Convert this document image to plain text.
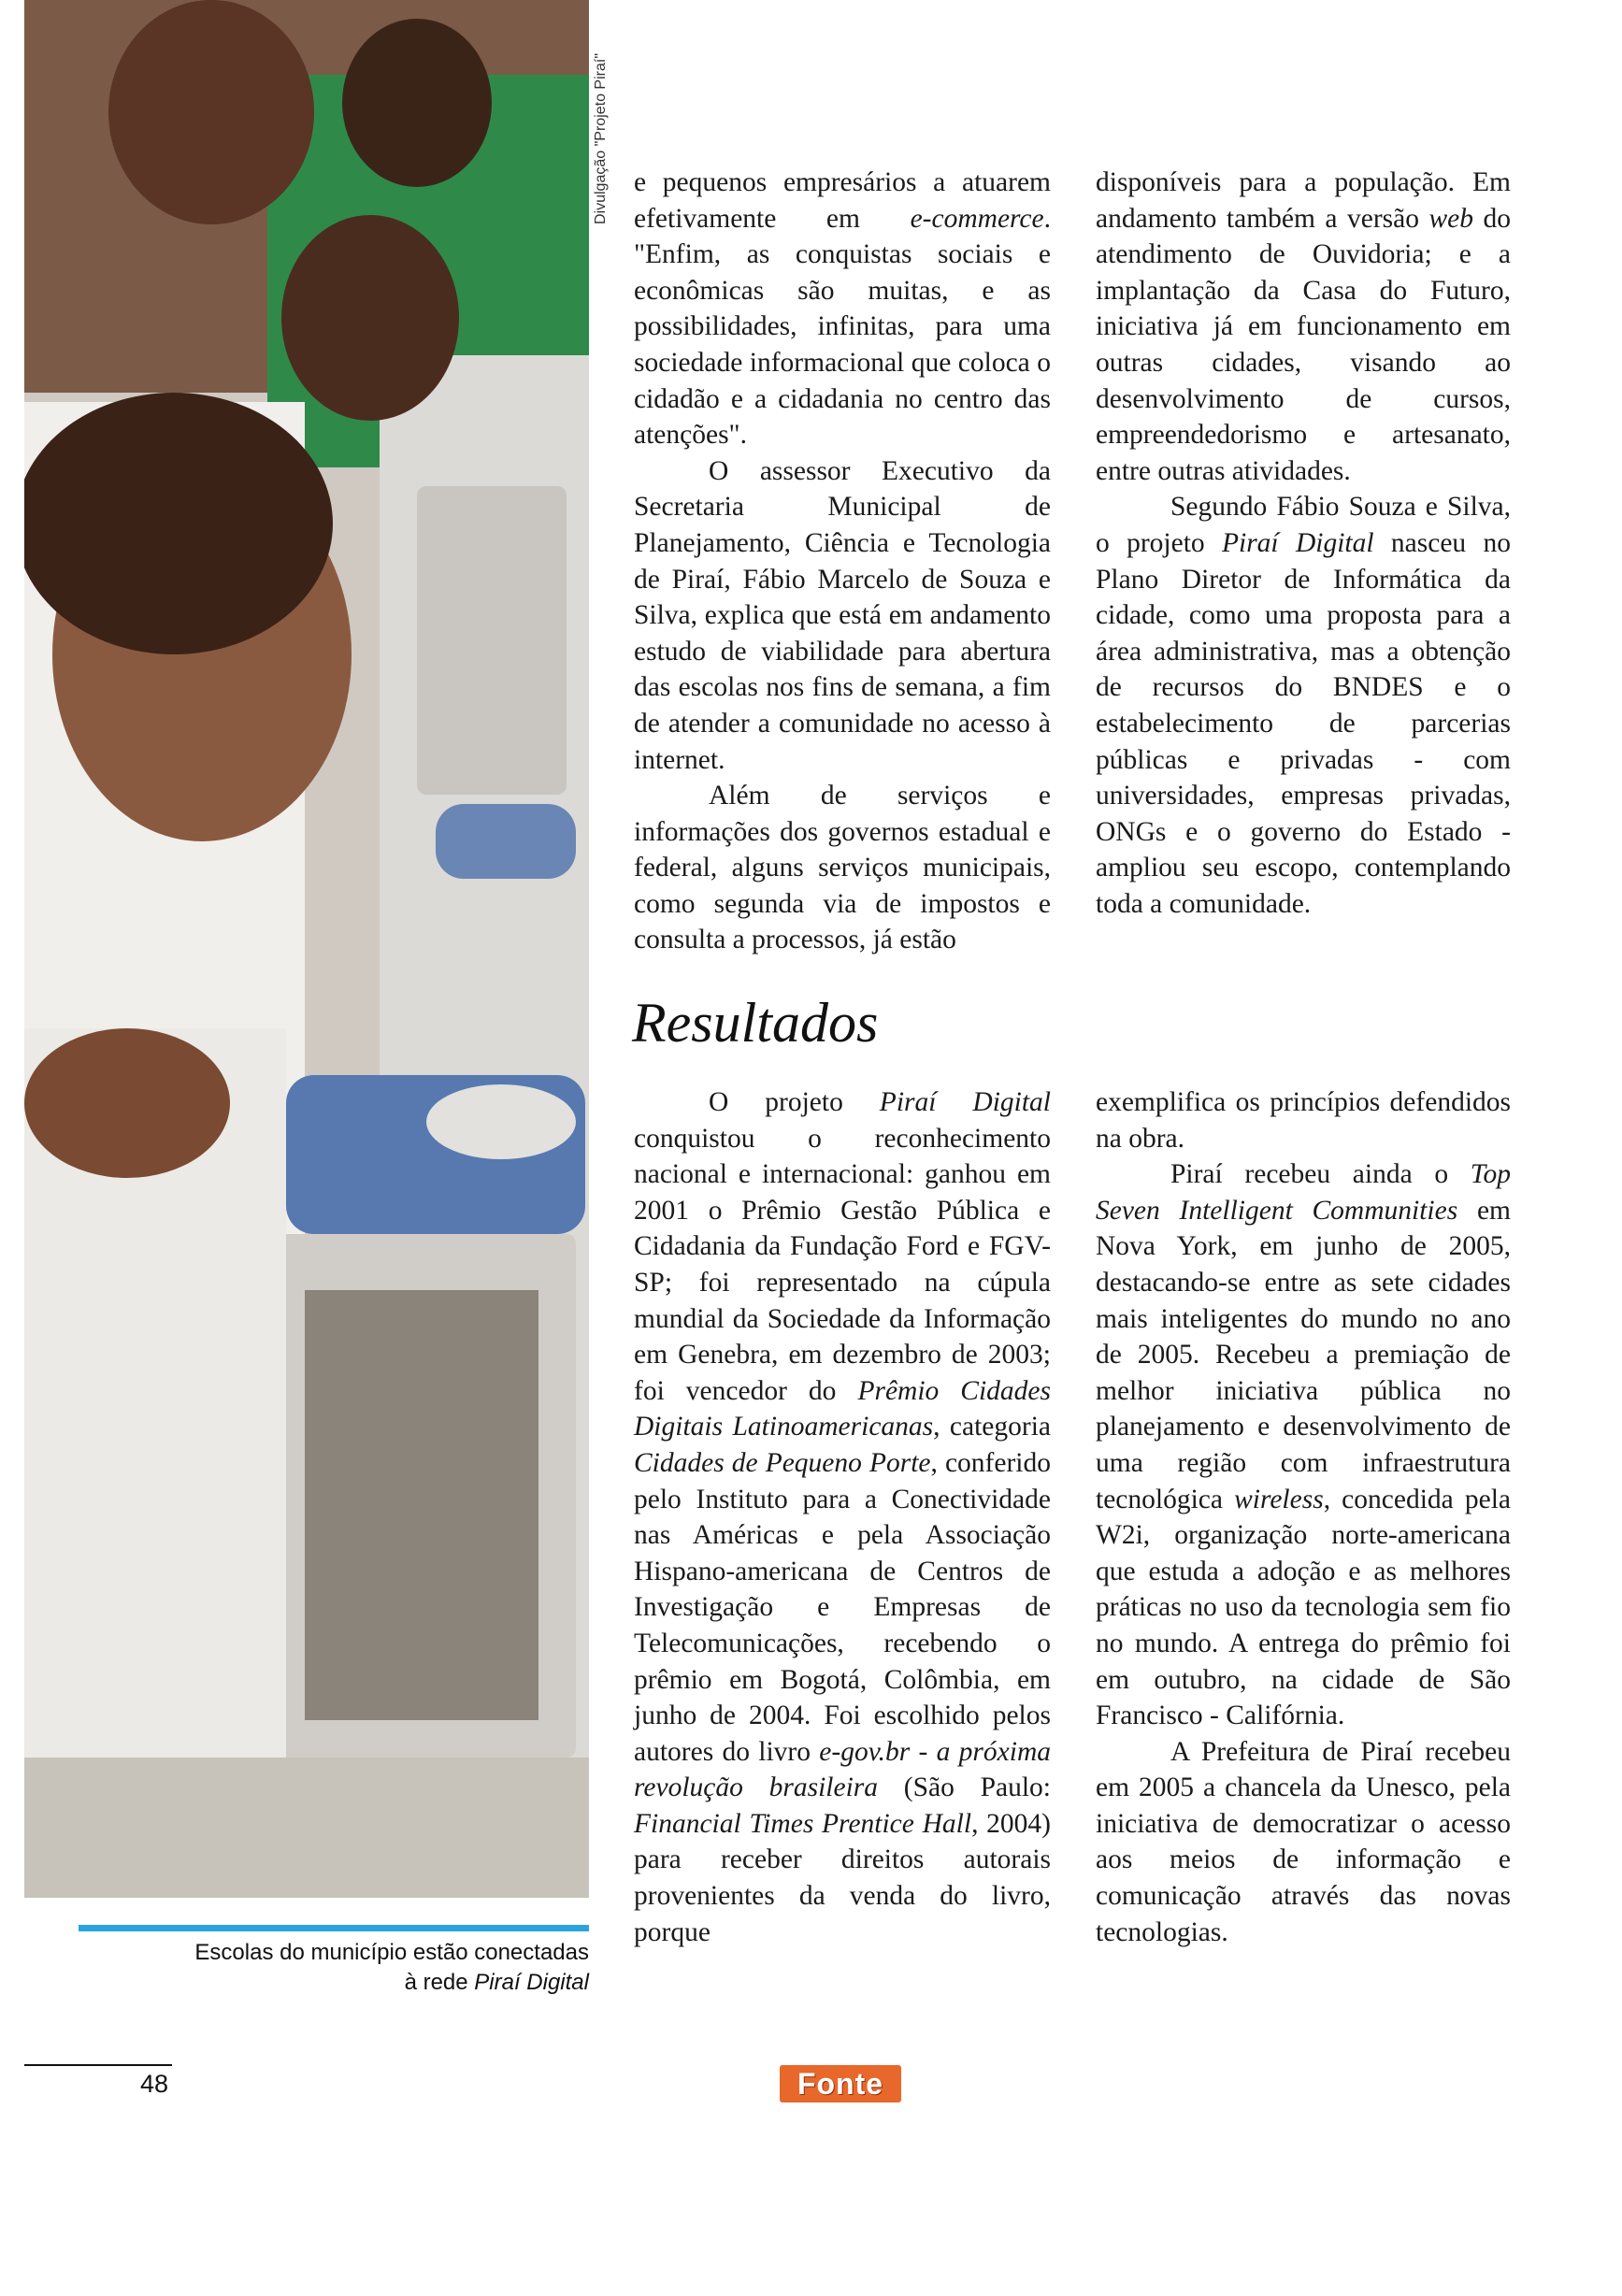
Divulgação "Projeto Piraí" e pequenos empresários a atuarem efetivamente em e-commerce. "Enfim, as conquistas sociais e econômicas são muitas, e as possibilidades, infinitas, para uma sociedade informacional que coloca o cidadão e a cidadania no centro das atenções".

O assessor Executivo da Secretaria Municipal de Planejamento, Ciência e Tecnologia de Piraí, Fábio Marcelo de Souza e Silva, explica que está em andamento estudo de viabilidade para abertura das escolas nos fins de semana, a fim de atender a comunidade no acesso à internet.

Além de serviços e informações dos governos estadual e federal, alguns serviços municipais, como segunda via de impostos e consulta a processos, já estão

disponíveis para a população. Em andamento também a versão web do atendimento de Ouvidoria; e a implantação da Casa do Futuro, iniciativa já em funcionamento em outras cidades, visando ao desenvolvimento de cursos, empreendedorismo e artesanato, entre outras atividades.

Segundo Fábio Souza e Silva, o projeto Piraí Digital nasceu no Plano Diretor de Informática da cidade, como uma proposta para a área administrativa, mas a obtenção de recursos do BNDES e o estabelecimento de parcerias públicas e privadas - com universidades, empresas privadas, ONGs e o governo do Estado - ampliou seu escopo, contemplando toda a comunidade.

Resultados

O projeto Piraí Digital conquistou o reconhecimento nacional e internacional: ganhou em 2001 o Prêmio Gestão Pública e Cidadania da Fundação Ford e FGV-SP; foi representado na cúpula mundial da Sociedade da Informação em Genebra, em dezembro de 2003; foi vencedor do Prêmio Cidades Digitais Latinoamericanas, categoria Cidades de Pequeno Porte, conferido pelo Instituto para a Conectividade nas Américas e pela Associação Hispano-americana de Centros de Investigação e Empresas de Telecomunicações, recebendo o prêmio em Bogotá, Colômbia, em junho de 2004. Foi escolhido pelos autores do livro e-gov.br - a próxima revolução brasileira (São Paulo: Financial Times Prentice Hall, 2004) para receber direitos autorais provenientes da venda do livro, porque

exemplifica os princípios defendidos na obra.

Piraí recebeu ainda o Top Seven Intelligent Communities em Nova York, em junho de 2005, destacando-se entre as sete cidades mais inteligentes do mundo no ano de 2005. Recebeu a premiação de melhor iniciativa pública no planejamento e desenvolvimento de uma região com infraestrutura tecnológica wireless, concedida pela W2i, organização norte-americana que estuda a adoção e as melhores práticas no uso da tecnologia sem fio no mundo. A entrega do prêmio foi em outubro, na cidade de São Francisco - Califórnia.

A Prefeitura de Piraí recebeu em 2005 a chancela da Unesco, pela iniciativa de democratizar o acesso aos meios de informação e comunicação através das novas tecnologias.

Escolas do município estão conectadas
à rede Piraí Digital
48	Fonte
